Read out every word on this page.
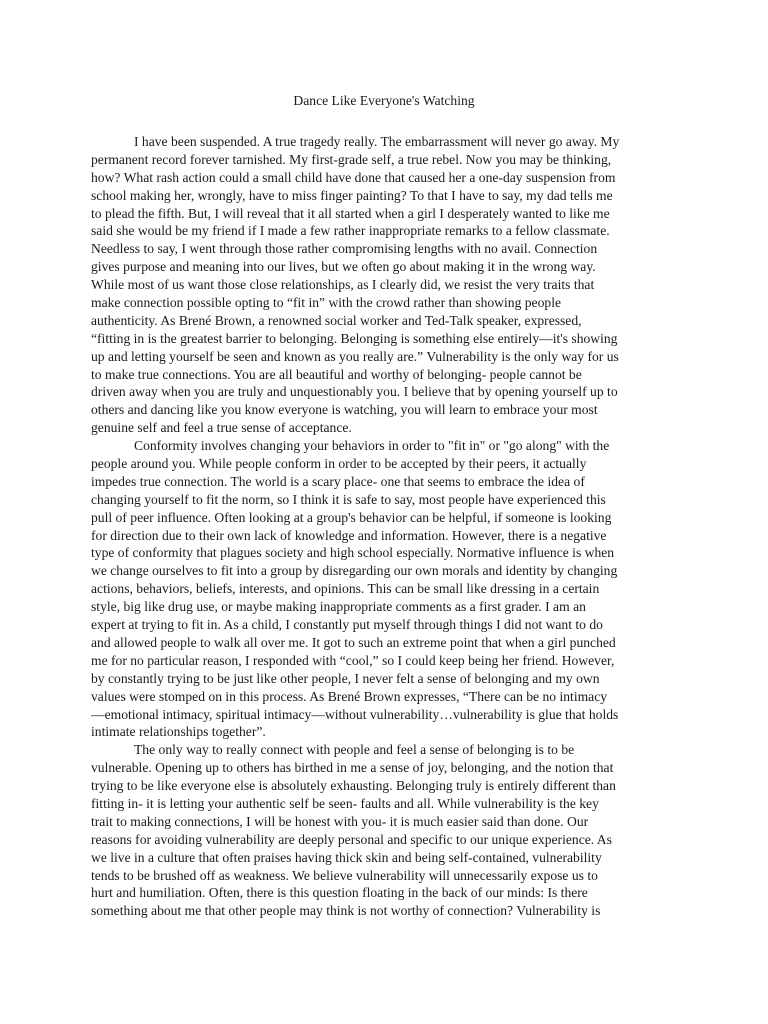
Dance Like Everyone's Watching
I have been suspended. A true tragedy really. The embarrassment will never go away. My
permanent record forever tarnished. My first-grade self, a true rebel. Now you may be thinking,
how? What rash action could a small child have done that caused her a one-day suspension from
school making her, wrongly, have to miss finger painting? To that I have to say, my dad tells me
to plead the fifth. But, I will reveal that it all started when a girl I desperately wanted to like me
said she would be my friend if I made a few rather inappropriate remarks to a fellow classmate.
Needless to say, I went through those rather compromising lengths with no avail. Connection
gives purpose and meaning into our lives, but we often go about making it in the wrong way.
While most of us want those close relationships, as I clearly did, we resist the very traits that
make connection possible opting to “fit in” with the crowd rather than showing people
authenticity. As Brené Brown, a renowned social worker and Ted-Talk speaker, expressed,
“fitting in is the greatest barrier to belonging. Belonging is something else entirely—it's showing
up and letting yourself be seen and known as you really are.” Vulnerability is the only way for us
to make true connections. You are all beautiful and worthy of belonging- people cannot be
driven away when you are truly and unquestionably you. I believe that by opening yourself up to
others and dancing like you know everyone is watching, you will learn to embrace your most
genuine self and feel a true sense of acceptance.
Conformity involves changing your behaviors in order to "fit in" or "go along" with the
people around you. While people conform in order to be accepted by their peers, it actually
impedes true connection. The world is a scary place- one that seems to embrace the idea of
changing yourself to fit the norm, so I think it is safe to say, most people have experienced this
pull of peer influence. Often looking at a group's behavior can be helpful, if someone is looking
for direction due to their own lack of knowledge and information. However, there is a negative
type of conformity that plagues society and high school especially. Normative influence is when
we change ourselves to fit into a group by disregarding our own morals and identity by changing
actions, behaviors, beliefs, interests, and opinions. This can be small like dressing in a certain
style, big like drug use, or maybe making inappropriate comments as a first grader. I am an
expert at trying to fit in. As a child, I constantly put myself through things I did not want to do
and allowed people to walk all over me. It got to such an extreme point that when a girl punched
me for no particular reason, I responded with “cool,” so I could keep being her friend. However,
by constantly trying to be just like other people, I never felt a sense of belonging and my own
values were stomped on in this process. As Brené Brown expresses, “There can be no intimacy
—emotional intimacy, spiritual intimacy—without vulnerability…vulnerability is glue that holds
intimate relationships together”.
The only way to really connect with people and feel a sense of belonging is to be
vulnerable. Opening up to others has birthed in me a sense of joy, belonging, and the notion that
trying to be like everyone else is absolutely exhausting. Belonging truly is entirely different than
fitting in- it is letting your authentic self be seen- faults and all. While vulnerability is the key
trait to making connections, I will be honest with you- it is much easier said than done. Our
reasons for avoiding vulnerability are deeply personal and specific to our unique experience. As
we live in a culture that often praises having thick skin and being self-contained, vulnerability
tends to be brushed off as weakness. We believe vulnerability will unnecessarily expose us to
hurt and humiliation. Often, there is this question floating in the back of our minds: Is there
something about me that other people may think is not worthy of connection? Vulnerability is
